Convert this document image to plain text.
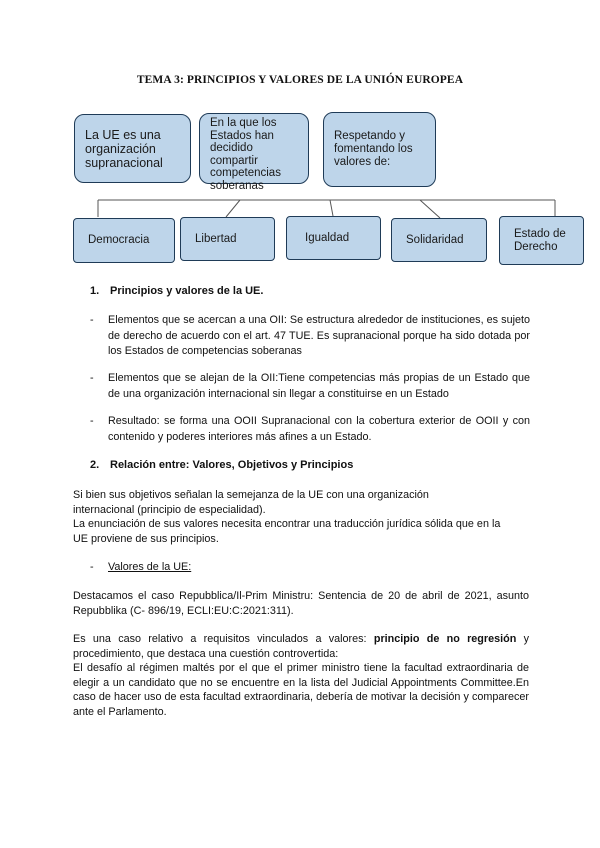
TEMA 3: PRINCIPIOS Y VALORES DE LA UNIÓN EUROPEA
La UE es una organización supranacional
En la que los Estados han decidido compartir competencias soberanas
Respetando y fomentando los valores de:
Democracia	Libertad	Igualdad	Solidaridad	Estado de Derecho
1. Principios y valores de la UE.
- Elementos que se acercan a una OII: Se estructura alrededor de instituciones, es sujeto de derecho de acuerdo con el art. 47 TUE. Es supranacional porque ha sido dotada por los Estados de competencias soberanas
- Elementos que se alejan de la OII:Tiene competencias más propias de un Estado que de una organización internacional sin llegar a constituirse en un Estado
- Resultado: se forma una OOII Supranacional con la cobertura exterior de OOII y con contenido y poderes interiores más afines a un Estado.
2. Relación entre: Valores, Objetivos y Principios
Si bien sus objetivos señalan la semejanza de la UE con una organización
internacional (principio de especialidad).
La enunciación de sus valores necesita encontrar una traducción jurídica sólida que en la
UE proviene de sus principios.
- Valores de la UE:
Destacamos el caso Repubblica/Il-Prim Ministru: Sentencia de 20 de abril de 2021, asunto Repubblika (C- 896/19, ECLI:EU:C:2021:311).
Es una caso relativo a requisitos vinculados a valores: principio de no regresión y procedimiento, que destaca una cuestión controvertida:
El desafío al régimen maltés por el que el primer ministro tiene la facultad extraordinaria de elegir a un candidato que no se encuentre en la lista del Judicial Appointments Committee.En caso de hacer uso de esta facultad extraordinaria, debería de motivar la decisión y comparecer ante el Parlamento.
